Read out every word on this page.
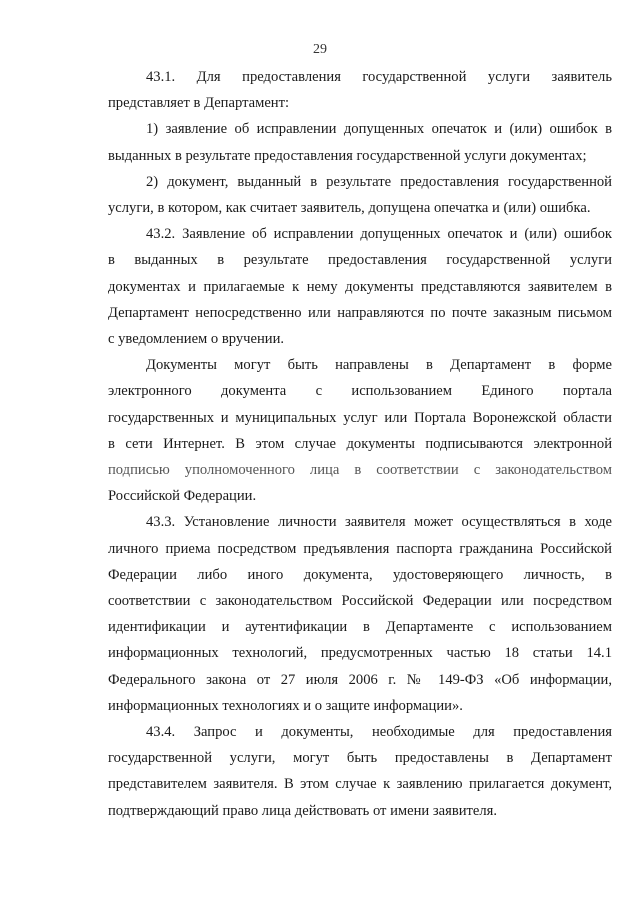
29

43.1. Для предоставления государственной услуги заявитель
представляет в Департамент:

1) заявление об исправлении допущенных опечаток и (или) ошибок в
выданных в результате предоставления государственной услуги документах;

2) документ, выданный в результате предоставления государственной
услуги, в котором, как считает заявитель, допущена опечатка и (или) ошибка.

43.2. Заявление об исправлении допущенных опечаток и (или) ошибок
в выданных в результате предоставления государственной услуги
документах и прилагаемые к нему документы представляются заявителем в
Департамент непосредственно или направляются по почте заказным письмом
с уведомлением о вручении.

Документы могут быть направлены в Департамент в форме
электронного документа с использованием Единого портала
государственных и муниципальных услуг или Портала Воронежской области
в сети Интернет. В этом случае документы подписываются электронной
подписью уполномоченного лица в соответствии с законодательством
Российской Федерации.

43.3. Установление личности заявителя может осуществляться в ходе
личного приема посредством предъявления паспорта гражданина Российской
Федерации либо иного документа, удостоверяющего личность, в
соответствии с законодательством Российской Федерации или посредством
идентификации и аутентификации в Департаменте с использованием
информационных технологий, предусмотренных частью 18 статьи 14.1
Федерального закона от 27 июля 2006 г. № 149-ФЗ «Об информации,
информационных технологиях и о защите информации».

43.4. Запрос и документы, необходимые для предоставления
государственной услуги, могут быть предоставлены в Департамент
представителем заявителя. В этом случае к заявлению прилагается документ,
подтверждающий право лица действовать от имени заявителя.
